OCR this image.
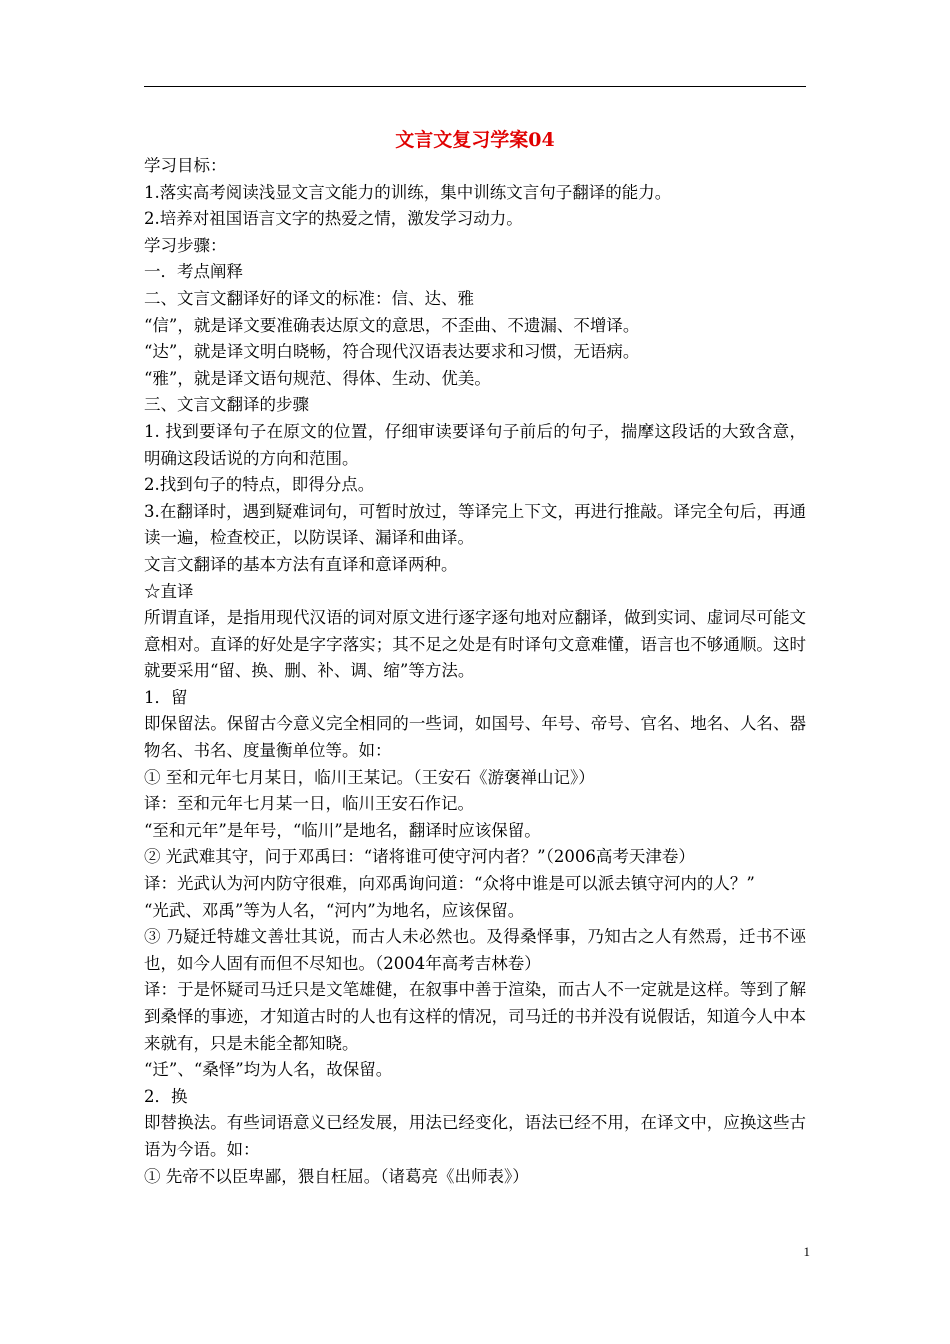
文言文复习学案04

学习目标：

1.落实高考阅读浅显文言文能力的训练，集中训练文言句子翻译的能力。

2.培养对祖国语言文字的热爱之情，激发学习动力。

学习步骤：

一．考点阐释

二、文言文翻译好的译文的标准：信、达、雅

“信”，就是译文要准确表达原文的意思，不歪曲、不遗漏、不增译。

“达”，就是译文明白晓畅，符合现代汉语表达要求和习惯，无语病。

“雅”，就是译文语句规范、得体、生动、优美。

三、文言文翻译的步骤

1. 找到要译句子在原文的位置，仔细审读要译句子前后的句子，揣摩这段话的大致含意，明确这段话说的方向和范围。

2.找到句子的特点，即得分点。

3.在翻译时，遇到疑难词句，可暂时放过，等译完上下文，再进行推敲。译完全句后，再通读一遍，检查校正，以防误译、漏译和曲译。

文言文翻译的基本方法有直译和意译两种。

☆直译

所谓直译，是指用现代汉语的词对原文进行逐字逐句地对应翻译，做到实词、虚词尽可能文意相对。直译的好处是字字落实；其不足之处是有时译句文意难懂，语言也不够通顺。这时就要采用“留、换、删、补、调、缩”等方法。

1．留

即保留法。保留古今意义完全相同的一些词，如国号、年号、帝号、官名、地名、人名、器物名、书名、度量衡单位等。如：

① 至和元年七月某日，临川王某记。（王安石《游褒禅山记》）

译：至和元年七月某一日，临川王安石作记。

“至和元年”是年号，“临川”是地名，翻译时应该保留。

② 光武难其守，问于邓禹曰：“诸将谁可使守河内者？”（2006高考天津卷）

译：光武认为河内防守很难，向邓禹询问道：“众将中谁是可以派去镇守河内的人？”

“光武、邓禹”等为人名，“河内”为地名，应该保留。

③ 乃疑迁特雄文善壮其说，而古人未必然也。及得桑怿事，乃知古之人有然焉，迁书不诬也，如今人固有而但不尽知也。（2004年高考吉林卷）

译：于是怀疑司马迁只是文笔雄健，在叙事中善于渲染，而古人不一定就是这样。等到了解到桑怿的事迹，才知道古时的人也有这样的情况，司马迁的书并没有说假话，知道今人中本来就有，只是未能全都知晓。

“迁”、“桑怿”均为人名，故保留。

2．换

即替换法。有些词语意义已经发展，用法已经变化，语法已经不用，在译文中，应换这些古语为今语。如：

① 先帝不以臣卑鄙，猥自枉屈。（诸葛亮《出师表》）

1
